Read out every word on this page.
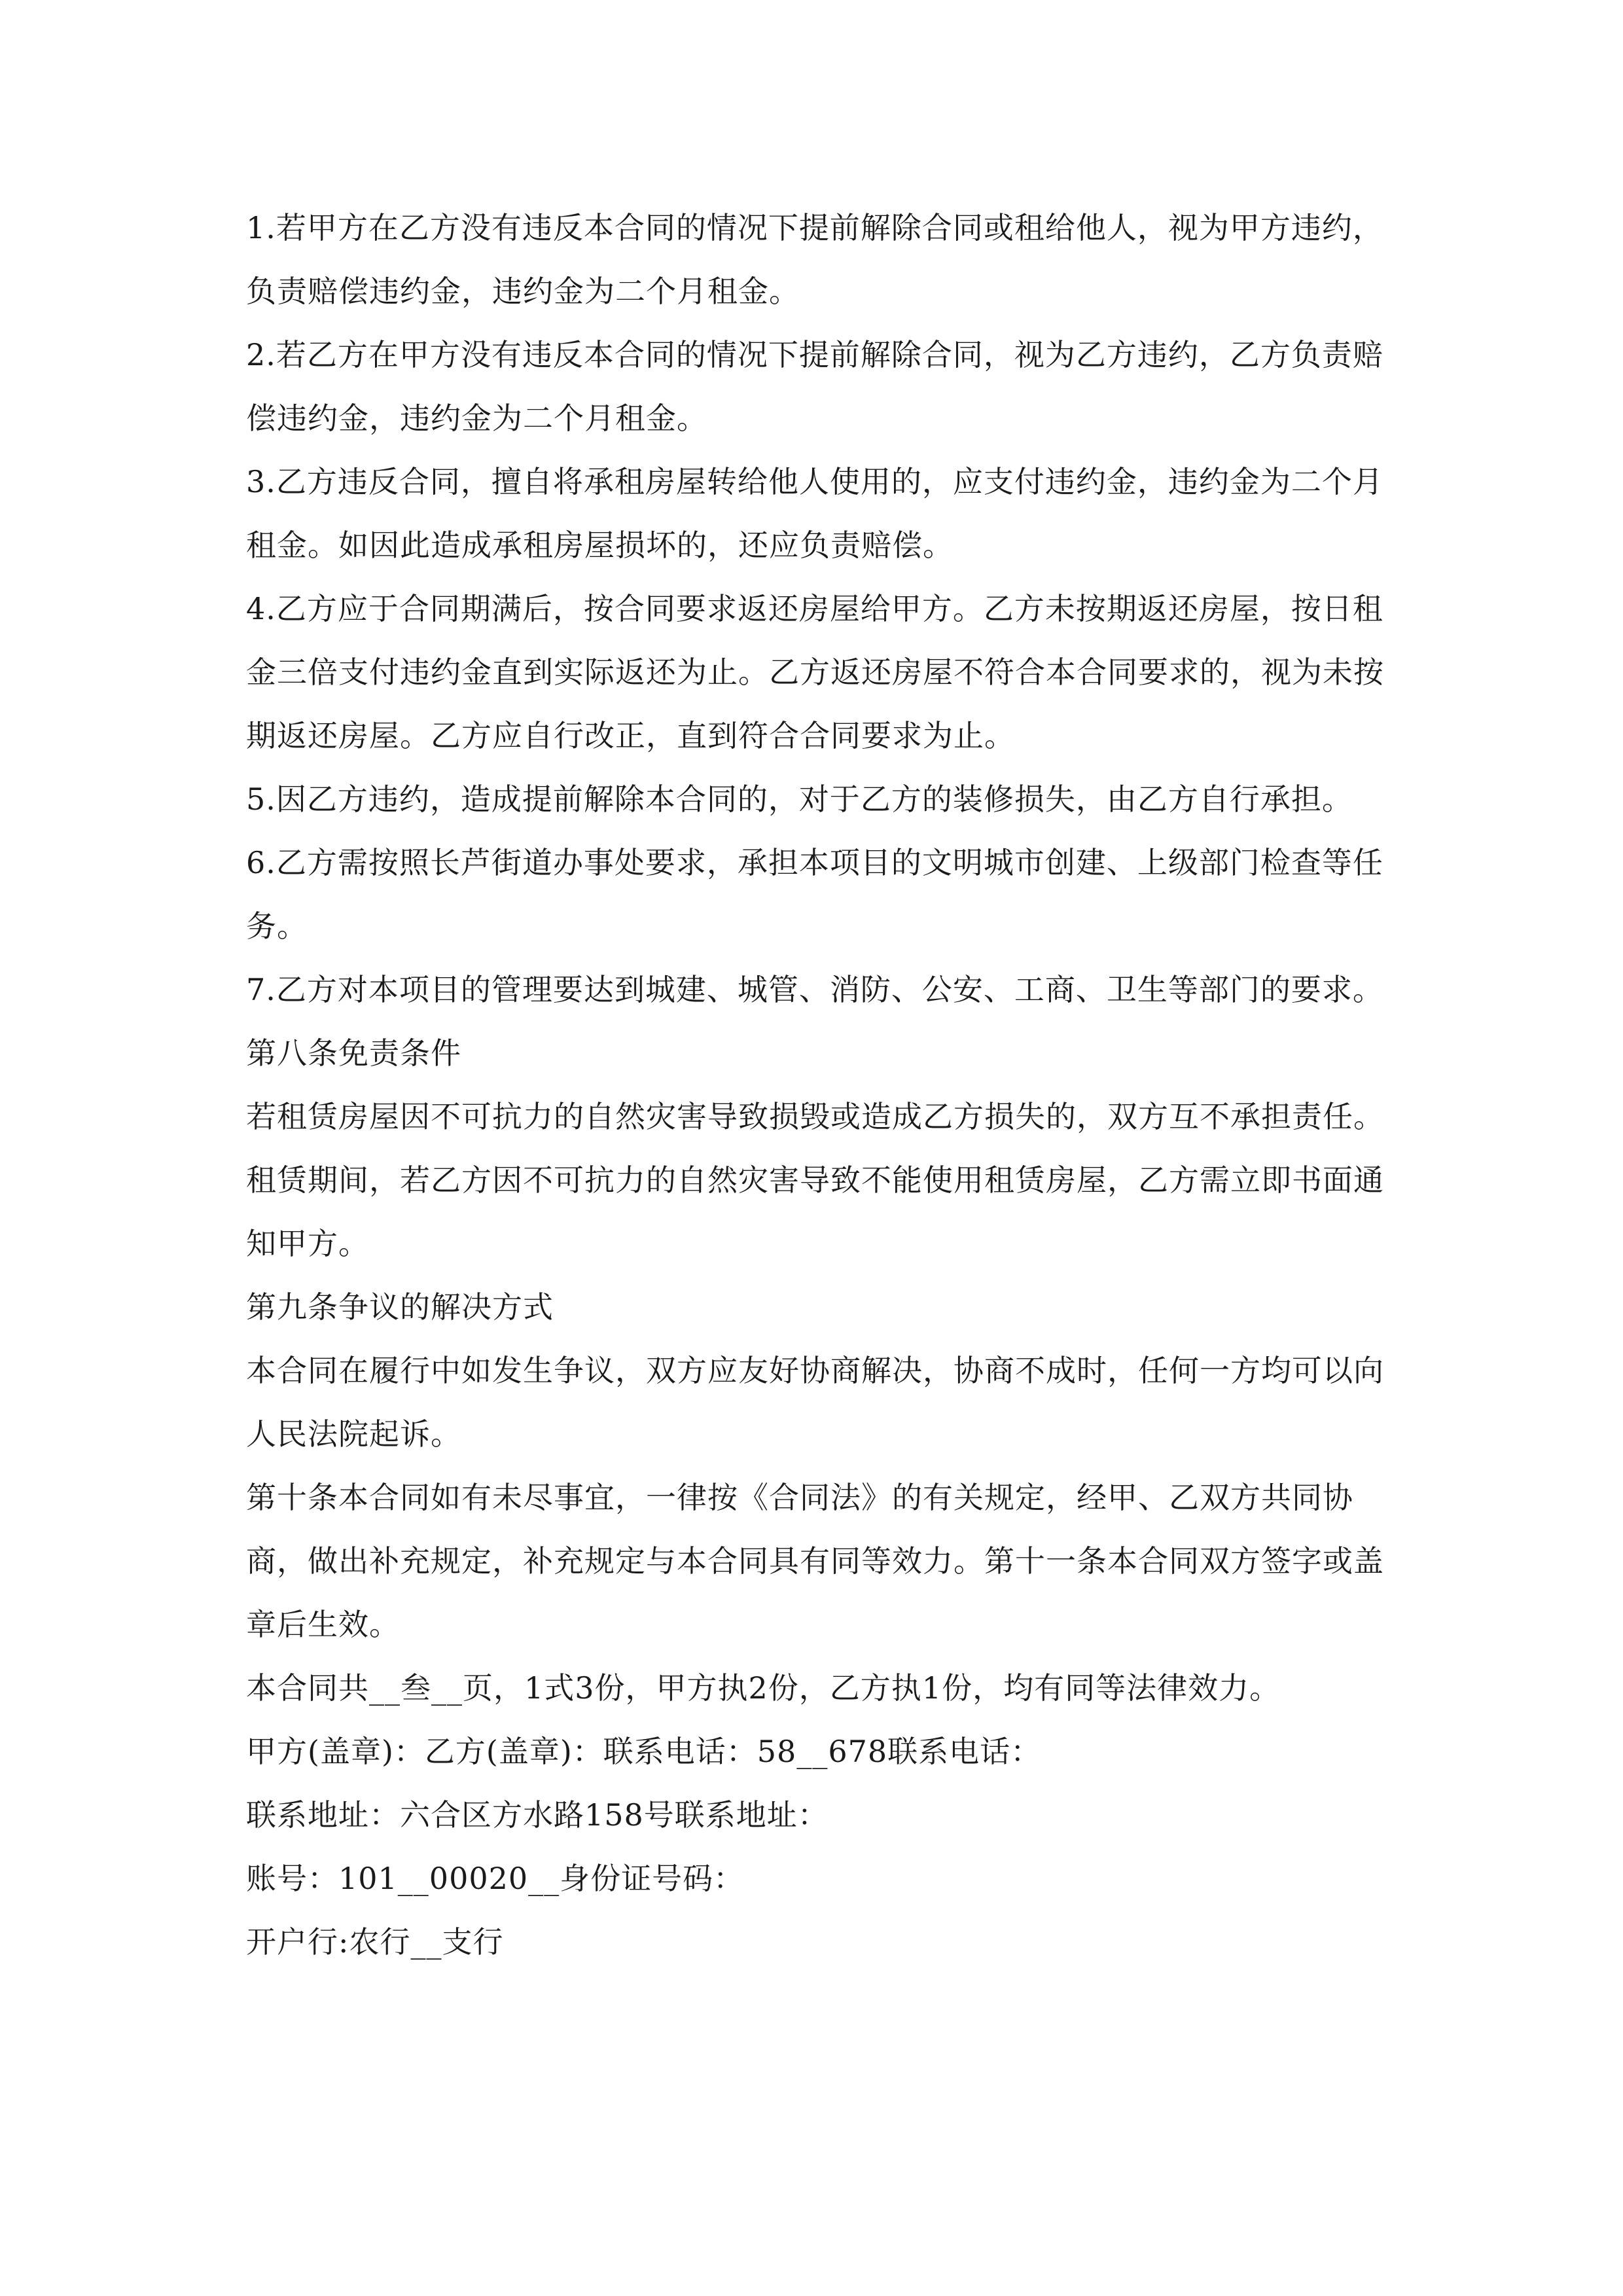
1.若甲方在乙方没有违反本合同的情况下提前解除合同或租给他人，视为甲方违约，负责赔偿违约金，违约金为二个月租金。

2.若乙方在甲方没有违反本合同的情况下提前解除合同，视为乙方违约，乙方负责赔偿违约金，违约金为二个月租金。

3.乙方违反合同，擅自将承租房屋转给他人使用的，应支付违约金，违约金为二个月租金。如因此造成承租房屋损坏的，还应负责赔偿。

4.乙方应于合同期满后，按合同要求返还房屋给甲方。乙方未按期返还房屋，按日租金三倍支付违约金直到实际返还为止。乙方返还房屋不符合本合同要求的，视为未按期返还房屋。乙方应自行改正，直到符合合同要求为止。

5.因乙方违约，造成提前解除本合同的，对于乙方的装修损失，由乙方自行承担。

6.乙方需按照长芦街道办事处要求，承担本项目的文明城市创建、上级部门检查等任务。

7.乙方对本项目的管理要达到城建、城管、消防、公安、工商、卫生等部门的要求。

第八条免责条件

若租赁房屋因不可抗力的自然灾害导致损毁或造成乙方损失的，双方互不承担责任。租赁期间，若乙方因不可抗力的自然灾害导致不能使用租赁房屋，乙方需立即书面通知甲方。

第九条争议的解决方式

本合同在履行中如发生争议，双方应友好协商解决，协商不成时，任何一方均可以向人民法院起诉。

第十条本合同如有未尽事宜，一律按《合同法》的有关规定，经甲、乙双方共同协商，做出补充规定，补充规定与本合同具有同等效力。第十一条本合同双方签字或盖章后生效。

本合同共__叁__页，1式3份，甲方执2份，乙方执1份，均有同等法律效力。

甲方(盖章)：乙方(盖章)：联系电话：58__678联系电话：

联系地址：六合区方水路158号联系地址：

账号：101__00020__身份证号码：

开户行:农行__支行
